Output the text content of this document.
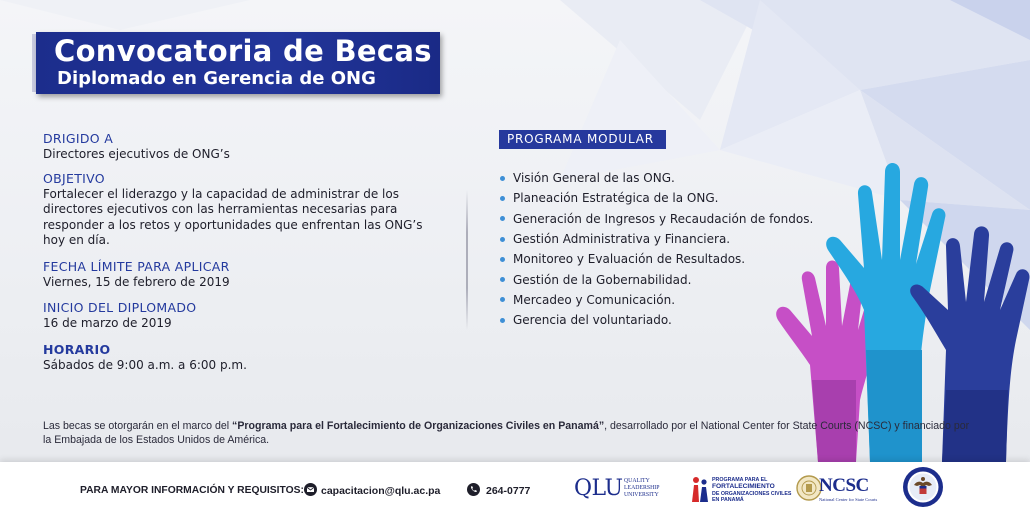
Convocatoria de Becas
Diplomado en Gerencia de ONG
DRIGIDO A
Directores ejecutivos de ONG’s
OBJETIVO
Fortalecer el liderazgo y la capacidad de administrar de los directores ejecutivos con las herramientas necesarias para responder a los retos y oportunidades que enfrentan las ONG’s hoy en día.
FECHA LÍMITE PARA APLICAR
Viernes, 15 de febrero de 2019
INICIO DEL DIPLOMADO
16 de marzo de 2019
HORARIO
Sábados de 9:00 a.m. a 6:00 p.m.
PROGRAMA MODULAR
Visión General de las ONG.
Planeación Estratégica de la ONG.
Generación de Ingresos y Recaudación de fondos.
Gestión Administrativa y Financiera.
Monitoreo y Evaluación de Resultados.
Gestión de la Gobernabilidad.
Mercadeo y Comunicación.
Gerencia del voluntariado.
Las becas se otorgarán en el marco del “Programa para el Fortalecimiento de Organizaciones Civiles en Panamá”, desarrollado por el National Center for State Courts (NCSC) y financiado por la Embajada de los Estados Unidos de América.
PARA MAYOR INFORMACIÓN Y REQUISITOS: capacitacion@qlu.ac.pa	264-0777 QLU QUALITY
LEADERSHIP
UNIVERSITY
PROGRAMA PARA EL
FORTALECIMIENTO
DE ORGANIZACIONES CIVILES
EN PANAMÁ
NCSC
National Center for State Courts
